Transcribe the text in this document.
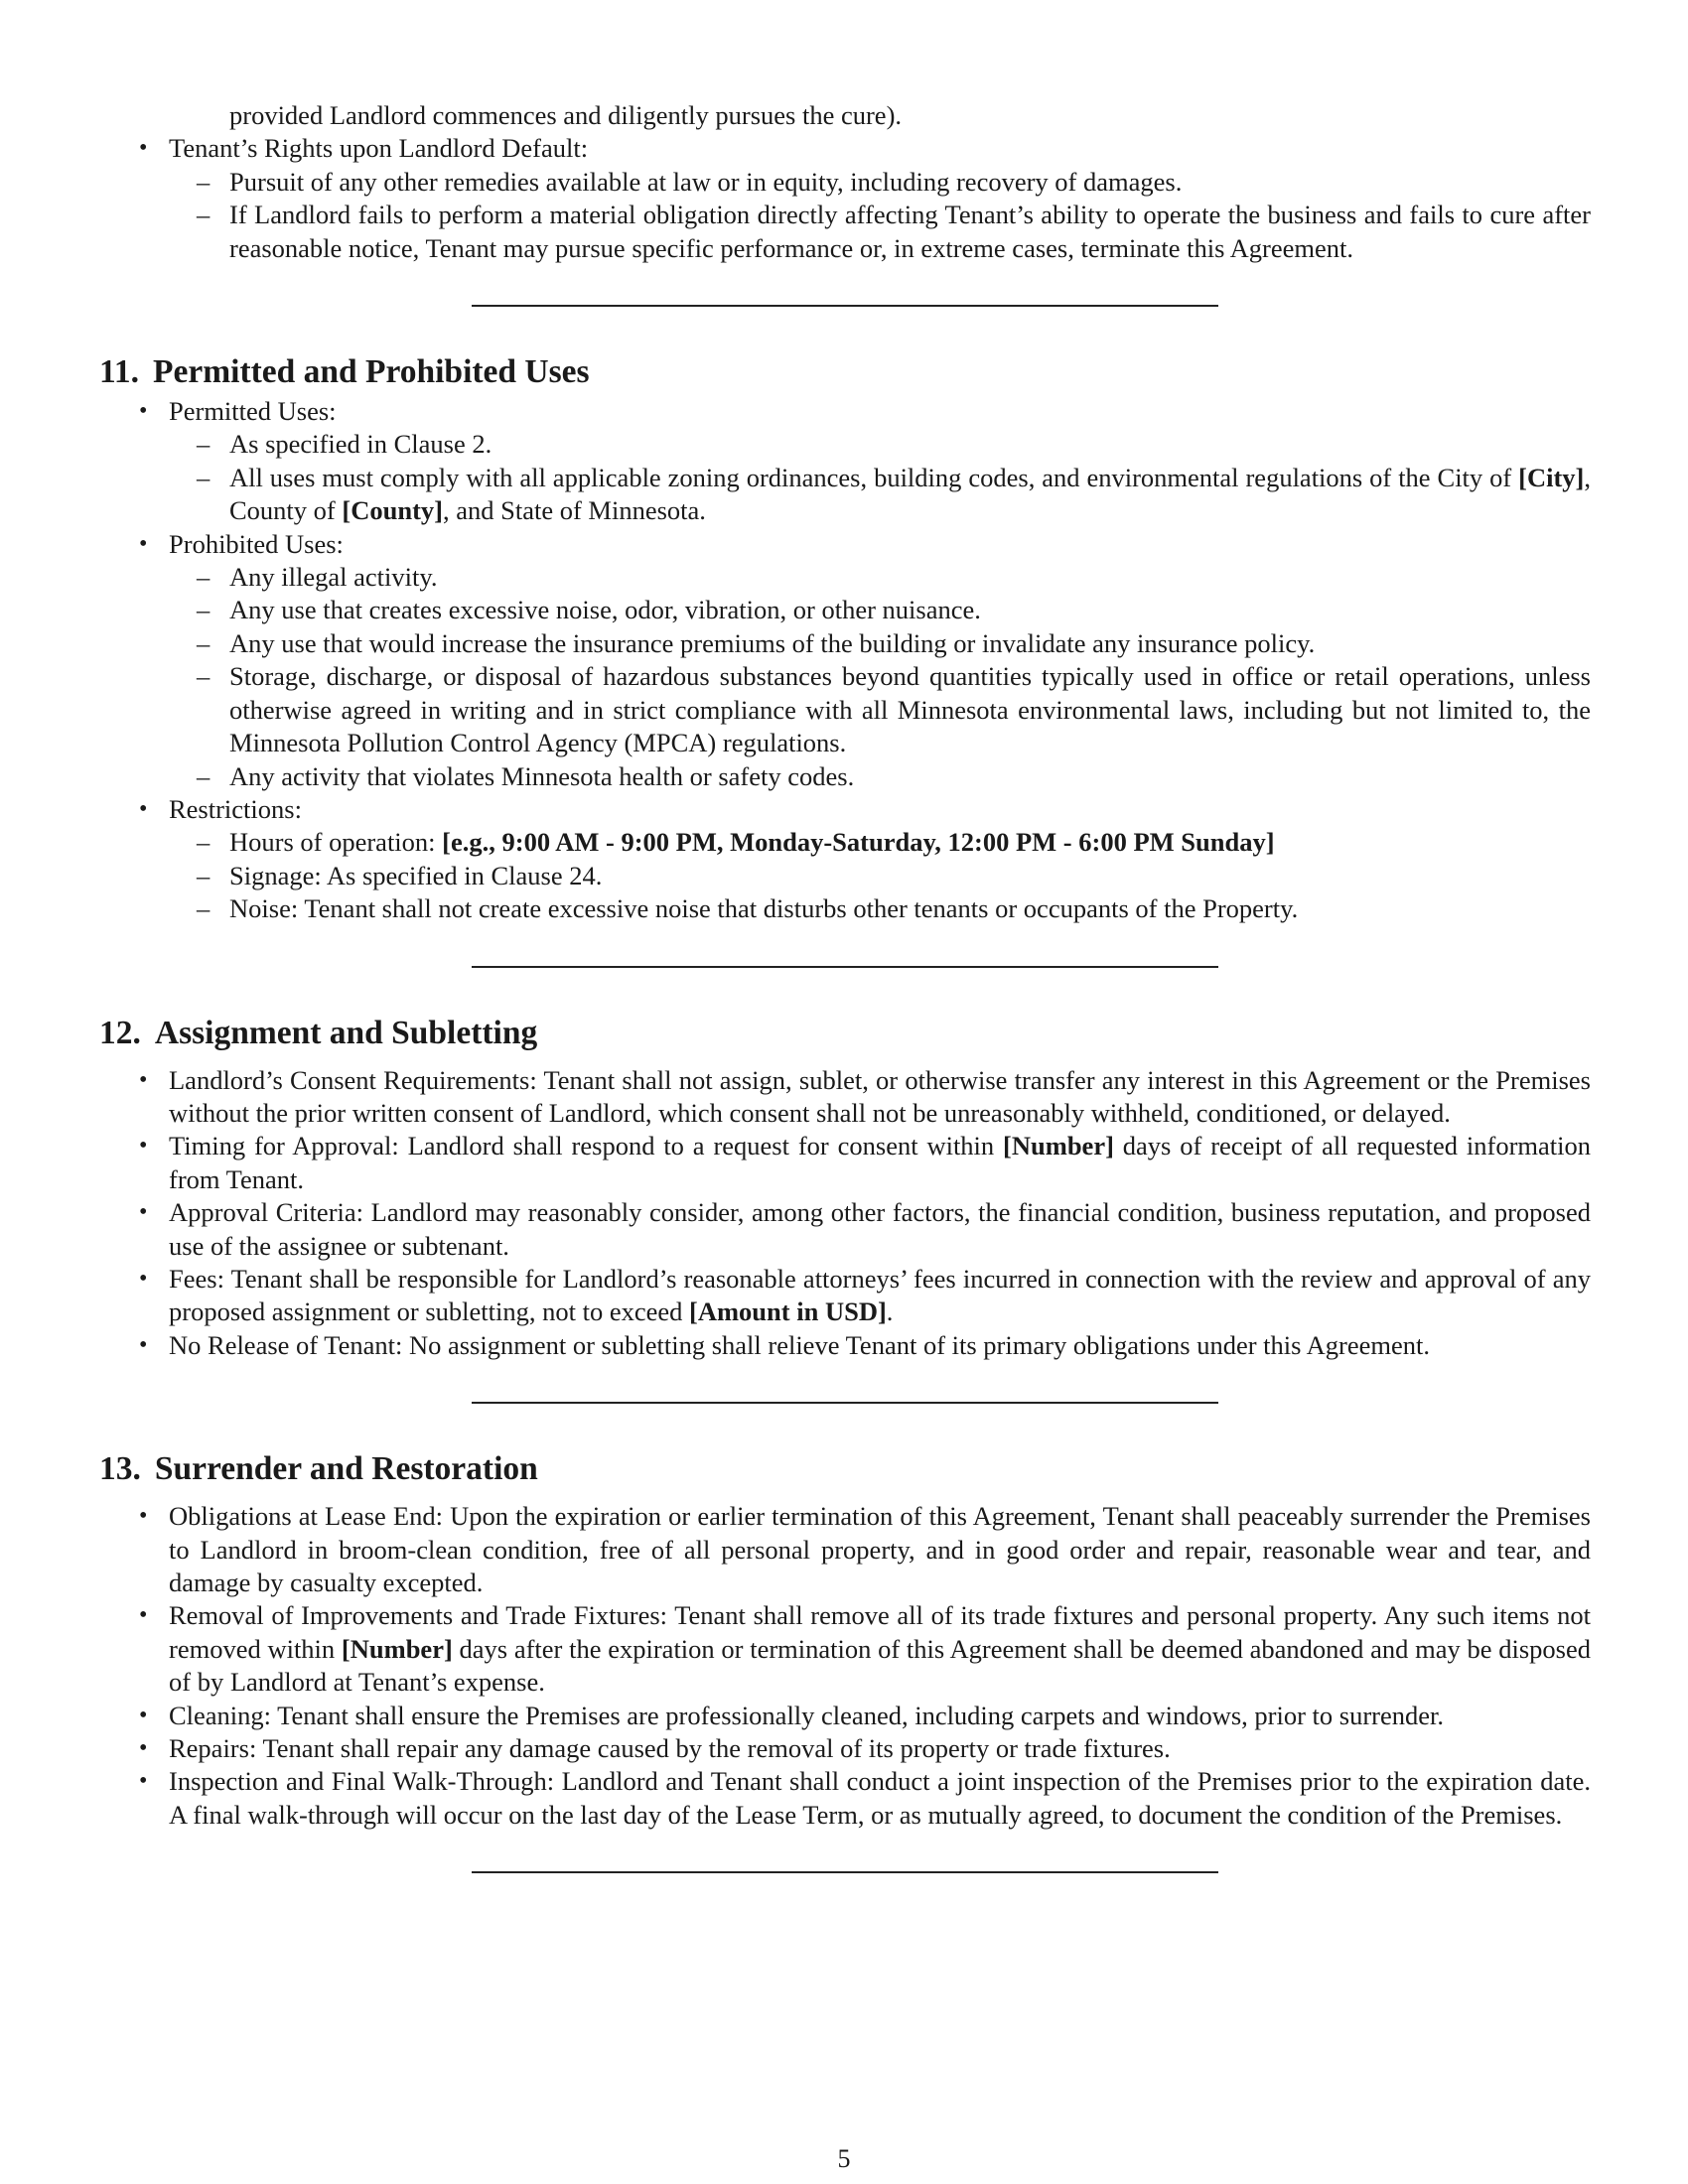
provided Landlord commences and diligently pursues the cure).
• Tenant’s Rights upon Landlord Default:
– Pursuit of any other remedies available at law or in equity, including recovery of damages.
– If Landlord fails to perform a material obligation directly affecting Tenant’s ability to operate the business and fails to cure after reasonable notice, Tenant may pursue specific performance or, in extreme cases, terminate this Agreement.
11. Permitted and Prohibited Uses
• Permitted Uses:
– As specified in Clause 2.
– All uses must comply with all applicable zoning ordinances, building codes, and environmental regulations of the City of [City], County of [County], and State of Minnesota.
• Prohibited Uses:
– Any illegal activity.
– Any use that creates excessive noise, odor, vibration, or other nuisance.
– Any use that would increase the insurance premiums of the building or invalidate any insurance policy.
– Storage, discharge, or disposal of hazardous substances beyond quantities typically used in office or retail operations, unless otherwise agreed in writing and in strict compliance with all Minnesota environmental laws, including but not limited to, the Minnesota Pollution Control Agency (MPCA) regulations.
– Any activity that violates Minnesota health or safety codes.
• Restrictions:
– Hours of operation: [e.g., 9:00 AM - 9:00 PM, Monday-Saturday, 12:00 PM - 6:00 PM Sunday]
– Signage: As specified in Clause 24.
– Noise: Tenant shall not create excessive noise that disturbs other tenants or occupants of the Property.
12. Assignment and Subletting
• Landlord’s Consent Requirements: Tenant shall not assign, sublet, or otherwise transfer any interest in this Agreement or the Premises without the prior written consent of Landlord, which consent shall not be unreasonably withheld, conditioned, or delayed.
• Timing for Approval: Landlord shall respond to a request for consent within [Number] days of receipt of all requested information from Tenant.
• Approval Criteria: Landlord may reasonably consider, among other factors, the financial condition, business reputation, and proposed use of the assignee or subtenant.
• Fees: Tenant shall be responsible for Landlord’s reasonable attorneys’ fees incurred in connection with the review and approval of any proposed assignment or subletting, not to exceed [Amount in USD].
• No Release of Tenant: No assignment or subletting shall relieve Tenant of its primary obligations under this Agreement.
13. Surrender and Restoration
• Obligations at Lease End: Upon the expiration or earlier termination of this Agreement, Tenant shall peaceably surrender the Premises to Landlord in broom-clean condition, free of all personal property, and in good order and repair, reasonable wear and tear, and damage by casualty excepted.
• Removal of Improvements and Trade Fixtures: Tenant shall remove all of its trade fixtures and personal property. Any such items not removed within [Number] days after the expiration or termination of this Agreement shall be deemed abandoned and may be disposed of by Landlord at Tenant’s expense.
• Cleaning: Tenant shall ensure the Premises are professionally cleaned, including carpets and windows, prior to surrender.
• Repairs: Tenant shall repair any damage caused by the removal of its property or trade fixtures.
• Inspection and Final Walk-Through: Landlord and Tenant shall conduct a joint inspection of the Premises prior to the expiration date. A final walk-through will occur on the last day of the Lease Term, or as mutually agreed, to document the condition of the Premises.
5
